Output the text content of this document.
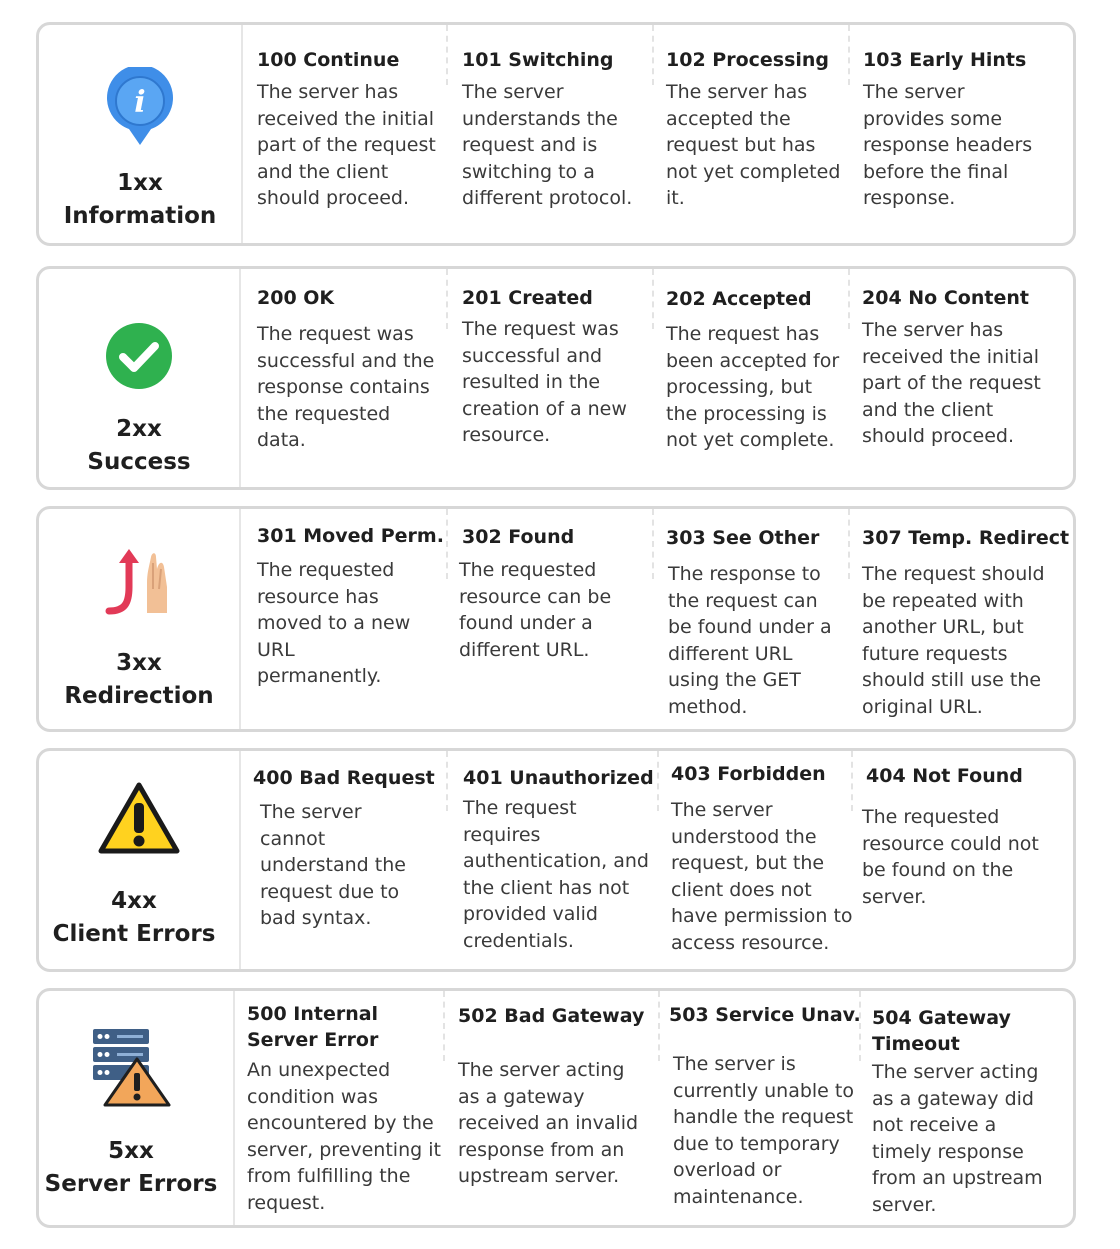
i
1xx
Information
100 Continue
The server has received the initial part of the request and the client should proceed.
101 Switching
The server understands the request and is switching to a different protocol.
102 Processing
The server has accepted the request but has not yet completed it.
103 Early Hints
The server provides some response headers before the final response.
2xx
Success
200 OK
The request was successful and the response contains the requested data.
201 Created
The request was successful and resulted in the creation of a new resource.
202 Accepted
The request has been accepted for processing, but the processing is not yet complete.
204 No Content
The server has received the initial part of the request and the client should proceed.
3xx
Redirection
301 Moved Perm.
The requested resource has moved to a new URL permanently.
302 Found
The requested resource can be found under a different URL.
303 See Other
The response to the request can be found under a different URL using the GET method.
307 Temp. Redirect
The request should be repeated with another URL, but future requests should still use the original URL.
4xx
Client Errors
400 Bad Request
The server cannot understand the request due to bad syntax.
401 Unauthorized
The request requires authentication, and the client has not provided valid credentials.
403 Forbidden
The server understood the request, but the client does not have permission to access resource.
404 Not Found
The requested resource could not be found on the server.
5xx
Server Errors
500 Internal Server Error
An unexpected condition was encountered by the server, preventing it from fulfilling the request.
502 Bad Gateway
The server acting as a gateway received an invalid response from an upstream server.
503 Service Unav.
The server is currently unable to handle the request due to temporary overload or maintenance.
504 Gateway Timeout
The server acting as a gateway did not receive a timely response from an upstream server.
